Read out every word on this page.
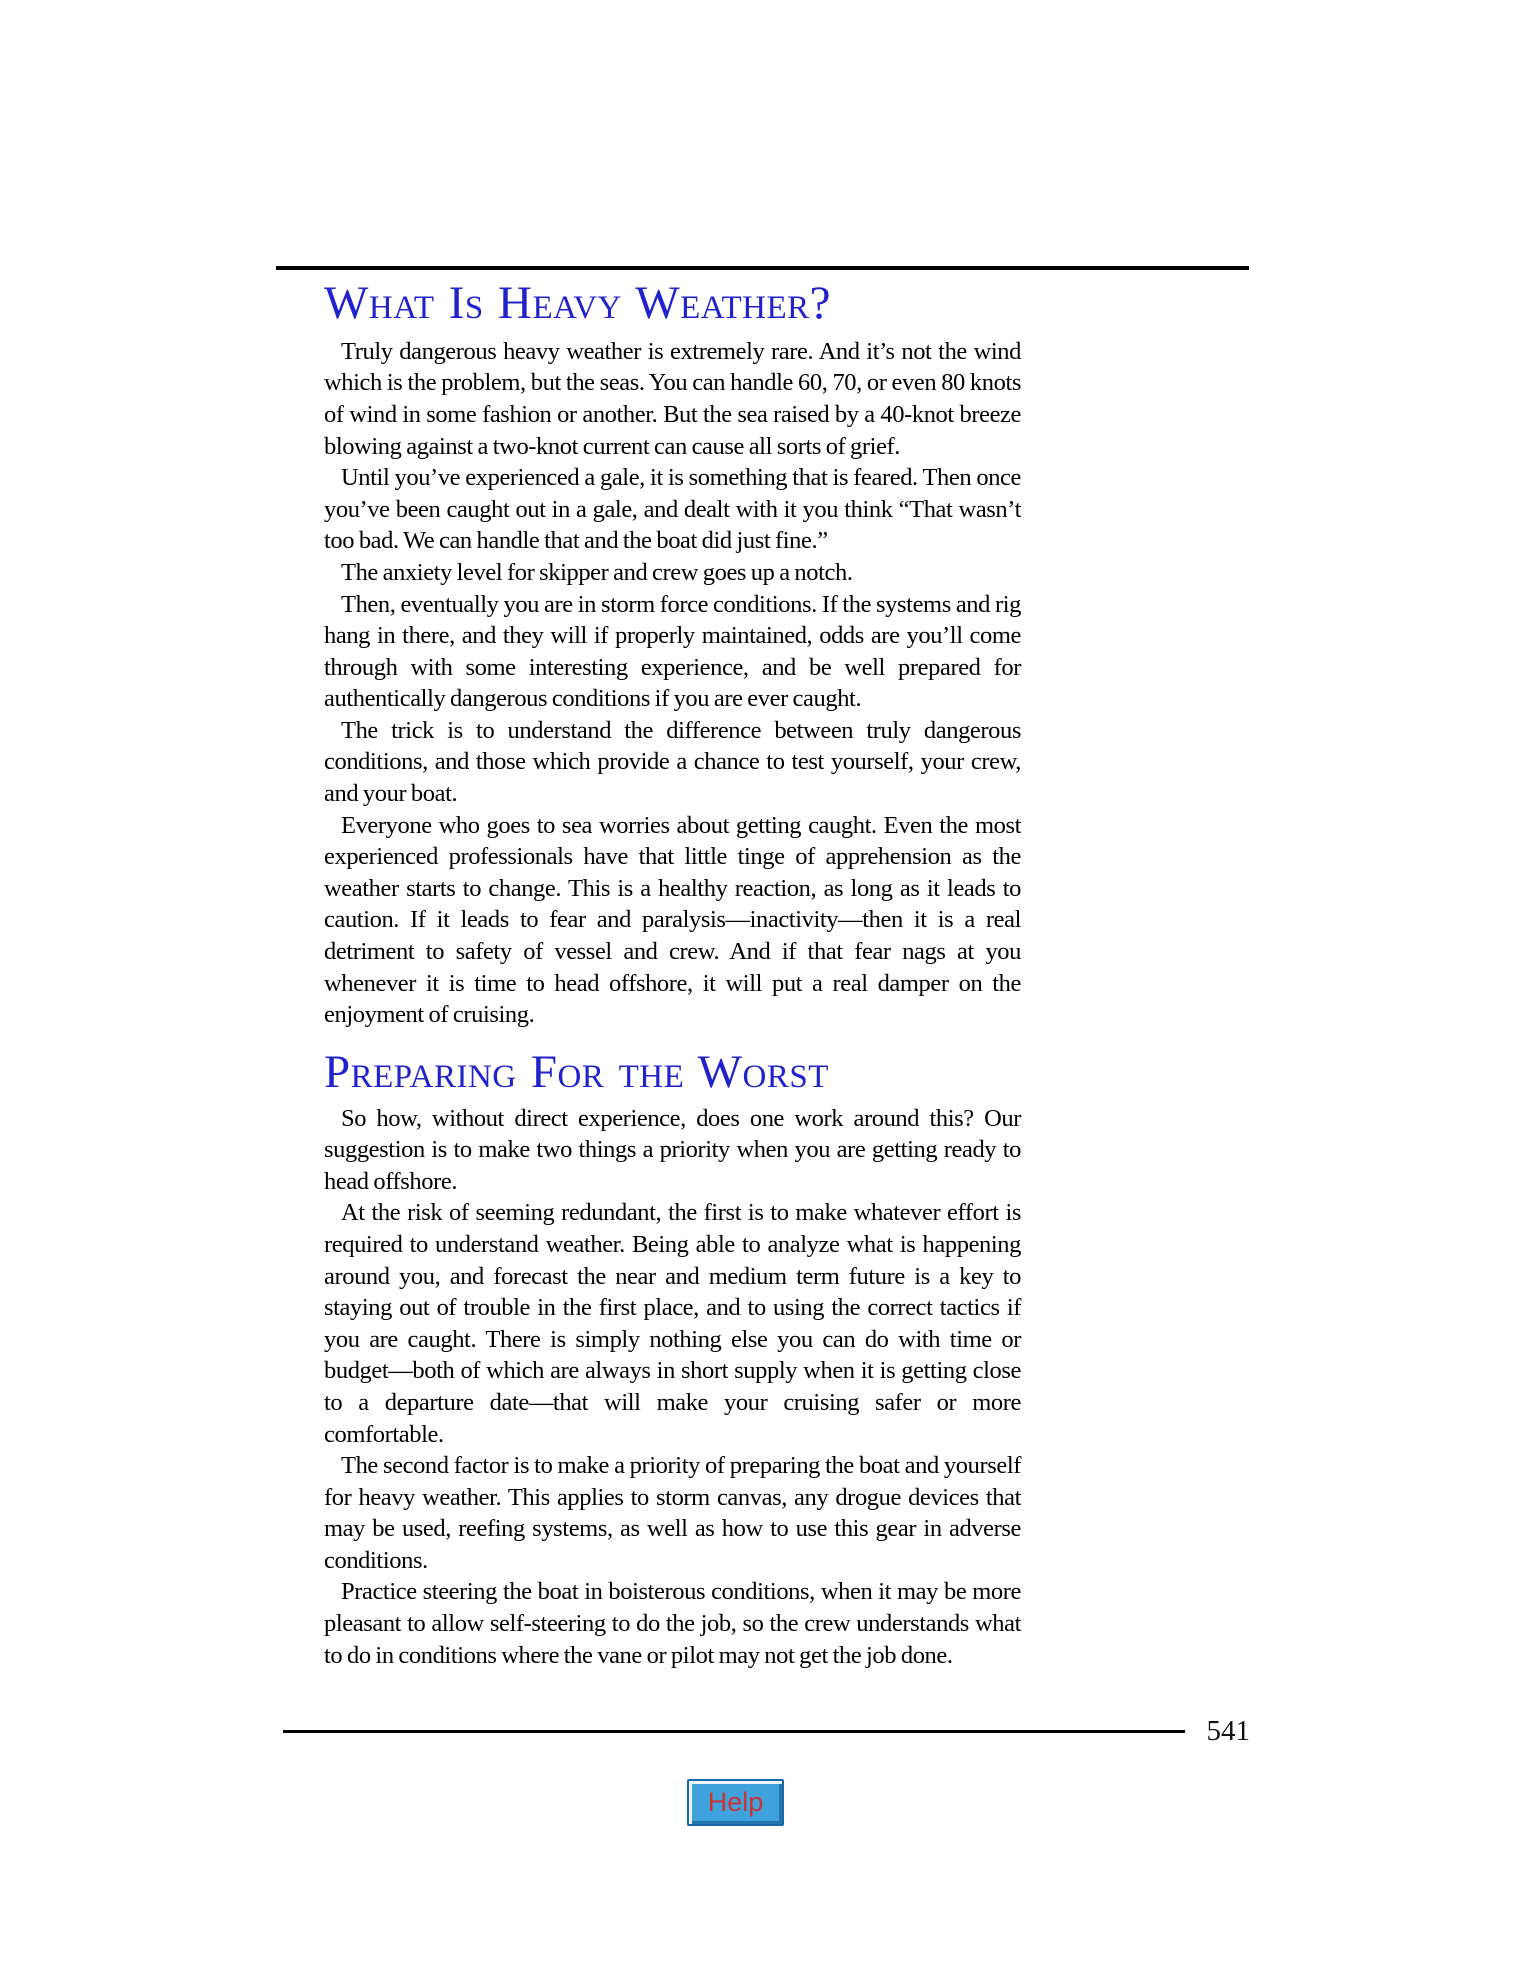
What Is Heavy Weather?

Truly dangerous heavy weather is extremely rare. And it’s not the wind which is the problem, but the seas. You can handle 60, 70, or even 80 knots of wind in some fashion or another. But the sea raised by a 40-knot breeze blowing against a two-knot current can cause all sorts of grief.

Until you’ve experienced a gale, it is something that is feared. Then once you’ve been caught out in a gale, and dealt with it you think “That wasn’t too bad. We can handle that and the boat did just fine.”

The anxiety level for skipper and crew goes up a notch.

Then, eventually you are in storm force conditions. If the systems and rig hang in there, and they will if properly maintained, odds are you’ll come through with some interesting experience, and be well prepared for authentically dangerous conditions if you are ever caught.

The trick is to understand the difference between truly dangerous conditions, and those which provide a chance to test yourself, your crew, and your boat.

Everyone who goes to sea worries about getting caught. Even the most experienced professionals have that little tinge of apprehension as the weather starts to change. This is a healthy reaction, as long as it leads to caution. If it leads to fear and paralysis—inactivity—then it is a real detriment to safety of vessel and crew. And if that fear nags at you whenever it is time to head offshore, it will put a real damper on the enjoyment of cruising.

Preparing For the Worst

So how, without direct experience, does one work around this? Our suggestion is to make two things a priority when you are getting ready to head offshore.

At the risk of seeming redundant, the first is to make whatever effort is required to understand weather. Being able to analyze what is happening around you, and forecast the near and medium term future is a key to staying out of trouble in the first place, and to using the correct tactics if you are caught. There is simply nothing else you can do with time or budget—both of which are always in short supply when it is getting close to a departure date—that will make your cruising safer or more comfortable.

The second factor is to make a priority of preparing the boat and yourself for heavy weather. This applies to storm canvas, any drogue devices that may be used, reefing systems, as well as how to use this gear in adverse conditions.

Practice steering the boat in boisterous conditions, when it may be more pleasant to allow self-steering to do the job, so the crew understands what to do in conditions where the vane or pilot may not get the job done.

541
Help
